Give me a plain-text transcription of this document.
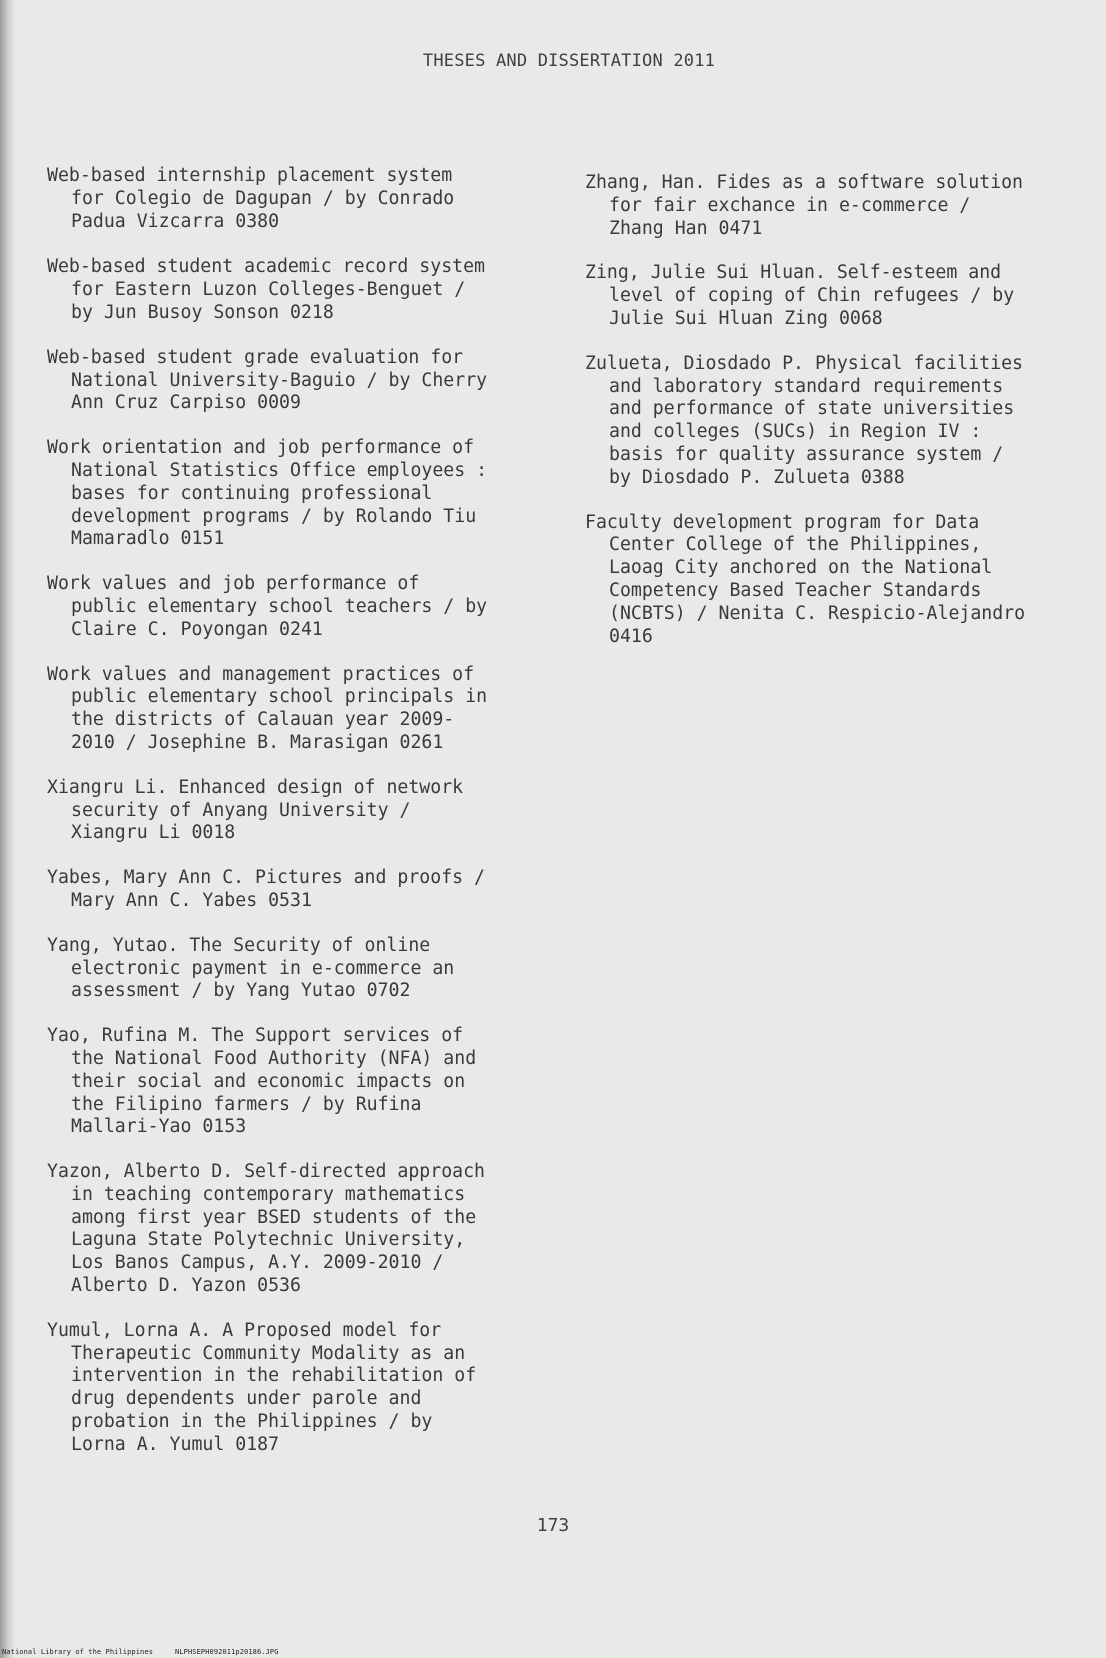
THESES AND DISSERTATION 2011

Web-based internship placement system
for Colegio de Dagupan / by Conrado
Padua Vizcarra 0380

Web-based student academic record system
for Eastern Luzon Colleges-Benguet /
by Jun Busoy Sonson 0218

Web-based student grade evaluation for
National University-Baguio / by Cherry
Ann Cruz Carpiso 0009

Work orientation and job performance of
National Statistics Office employees :
bases for continuing professional
development programs / by Rolando Tiu
Mamaradlo 0151

Work values and job performance of
public elementary school teachers / by
Claire C. Poyongan 0241

Work values and management practices of
public elementary school principals in
the districts of Calauan year 2009-
2010 / Josephine B. Marasigan 0261

Xiangru Li. Enhanced design of network
security of Anyang University /
Xiangru Li 0018

Yabes, Mary Ann C. Pictures and proofs /
Mary Ann C. Yabes 0531

Yang, Yutao. The Security of online
electronic payment in e-commerce an
assessment / by Yang Yutao 0702

Yao, Rufina M. The Support services of
the National Food Authority (NFA) and
their social and economic impacts on
the Filipino farmers / by Rufina
Mallari-Yao 0153

Yazon, Alberto D. Self-directed approach
in teaching contemporary mathematics
among first year BSED students of the
Laguna State Polytechnic University,
Los Banos Campus, A.Y. 2009-2010 /
Alberto D. Yazon 0536

Yumul, Lorna A. A Proposed model for
Therapeutic Community Modality as an
intervention in the rehabilitation of
drug dependents under parole and
probation in the Philippines / by
Lorna A. Yumul 0187

Zhang, Han. Fides as a software solution
for fair exchance in e-commerce /
Zhang Han 0471

Zing, Julie Sui Hluan. Self-esteem and
level of coping of Chin refugees / by
Julie Sui Hluan Zing 0068

Zulueta, Diosdado P. Physical facilities
and laboratory standard requirements
and performance of state universities
and colleges (SUCs) in Region IV :
basis for quality assurance system /
by Diosdado P. Zulueta 0388

Faculty development program for Data
Center College of the Philippines,
Laoag City anchored on the National
Competency Based Teacher Standards
(NCBTS) / Nenita C. Respicio-Alejandro
0416

173
National Library of the Philippines	NLPHSEPH092011p20186.JPG
